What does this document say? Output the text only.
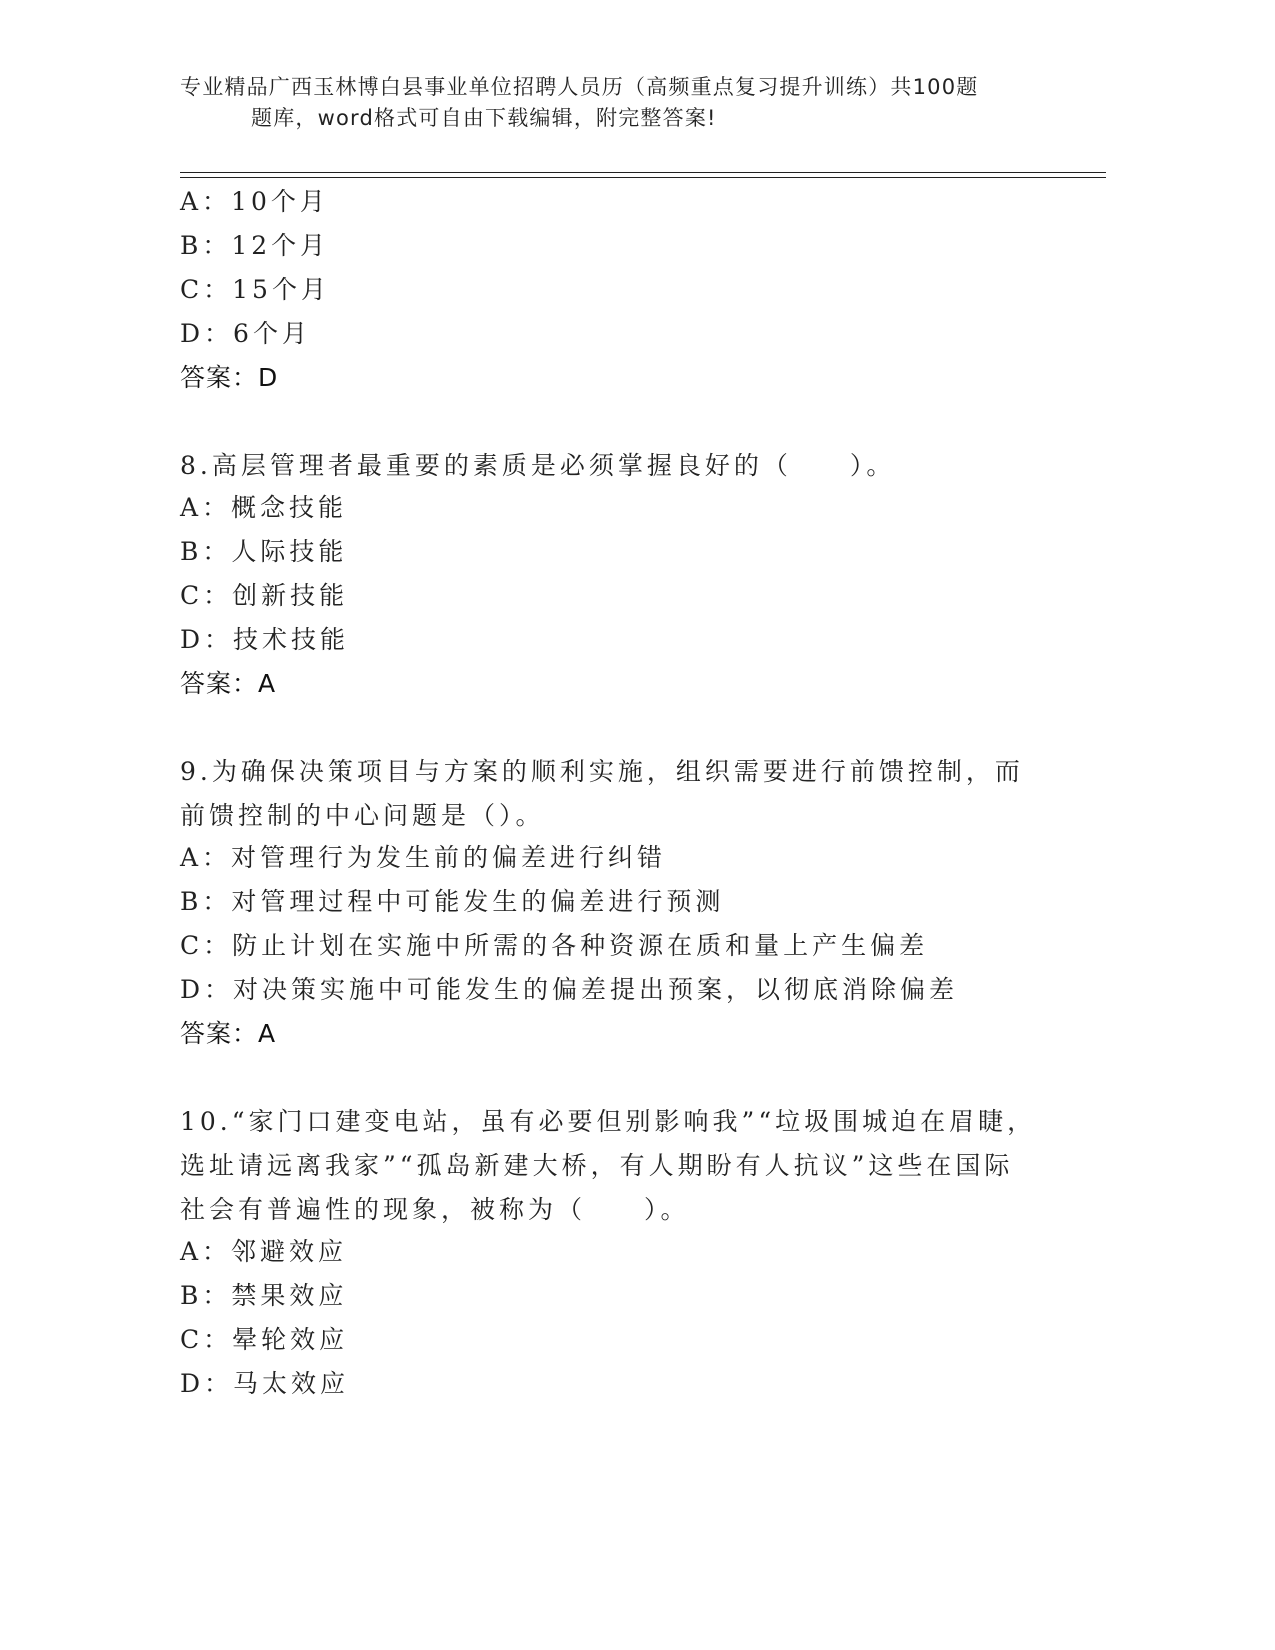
专业精品广西玉林博白县事业单位招聘人员历（高频重点复习提升训练）共100题
题库，word格式可自由下载编辑，附完整答案!
A：10个月
B：12个月
C：15个月
D：6个月
答案：D
8.高层管理者最重要的素质是必须掌握良好的（　　）。
A：概念技能
B：人际技能
C：创新技能
D：技术技能
答案：A
9.为确保决策项目与方案的顺利实施，组织需要进行前馈控制，而前馈控制的中心问题是（）。
A：对管理行为发生前的偏差进行纠错
B：对管理过程中可能发生的偏差进行预测
C：防止计划在实施中所需的各种资源在质和量上产生偏差
D：对决策实施中可能发生的偏差提出预案，以彻底消除偏差
答案：A
10.“家门口建变电站，虽有必要但别影响我”“垃圾围城迫在眉睫，选址请远离我家”“孤岛新建大桥，有人期盼有人抗议”这些在国际社会有普遍性的现象，被称为（　　）。
A：邻避效应
B：禁果效应
C：晕轮效应
D：马太效应
